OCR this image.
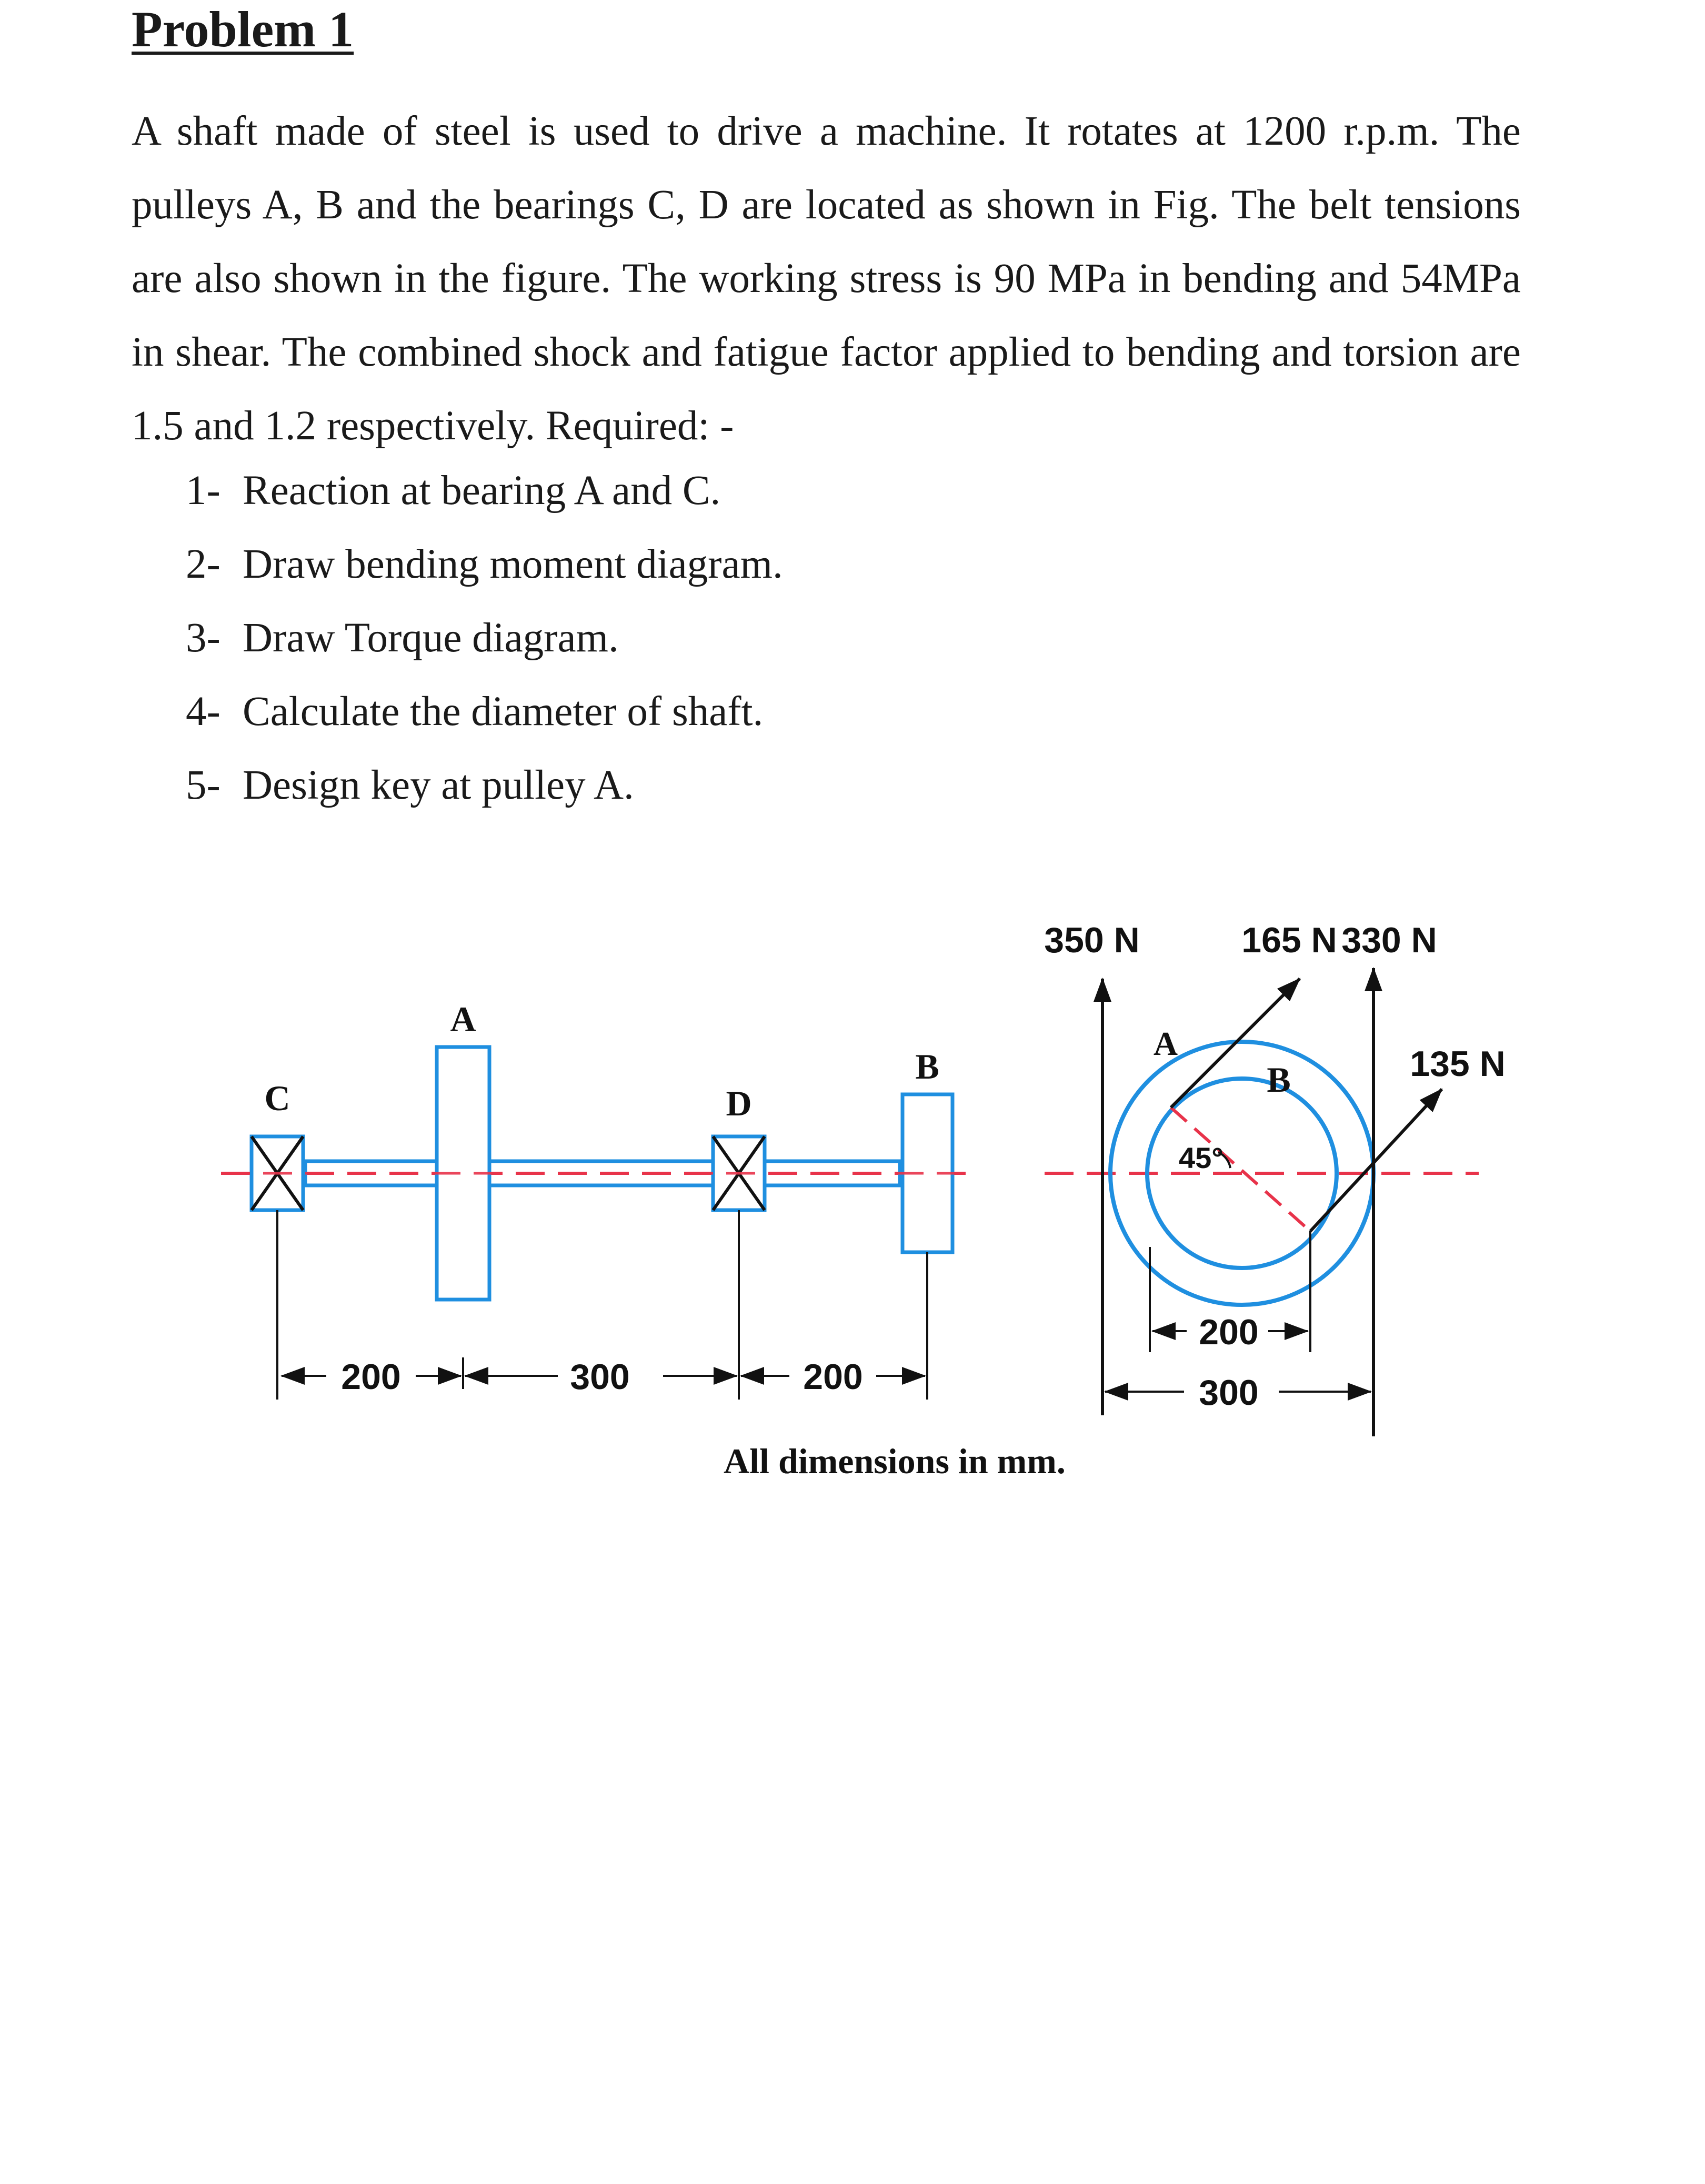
Problem 1

A shaft made of steel is used to drive a machine. It rotates at 1200 r.p.m. The pulleys A, B and the bearings C, D are located as shown in Fig. The belt tensions are also shown in the figure. The working stress is 90 MPa in bending and 54MPa in shear. The combined shock and fatigue factor applied to bending and torsion are 1.5 and 1.2 respectively. Required: -

1- Reaction at bearing A and C.
2- Draw bending moment diagram.
3- Draw Torque diagram.
4- Calculate the diameter of shaft.
5- Design key at pulley A.
C
A
D
B
200	300	200
350 N	165 N 330 N
135 N
A
B
45°
200
300
All dimensions in mm.
